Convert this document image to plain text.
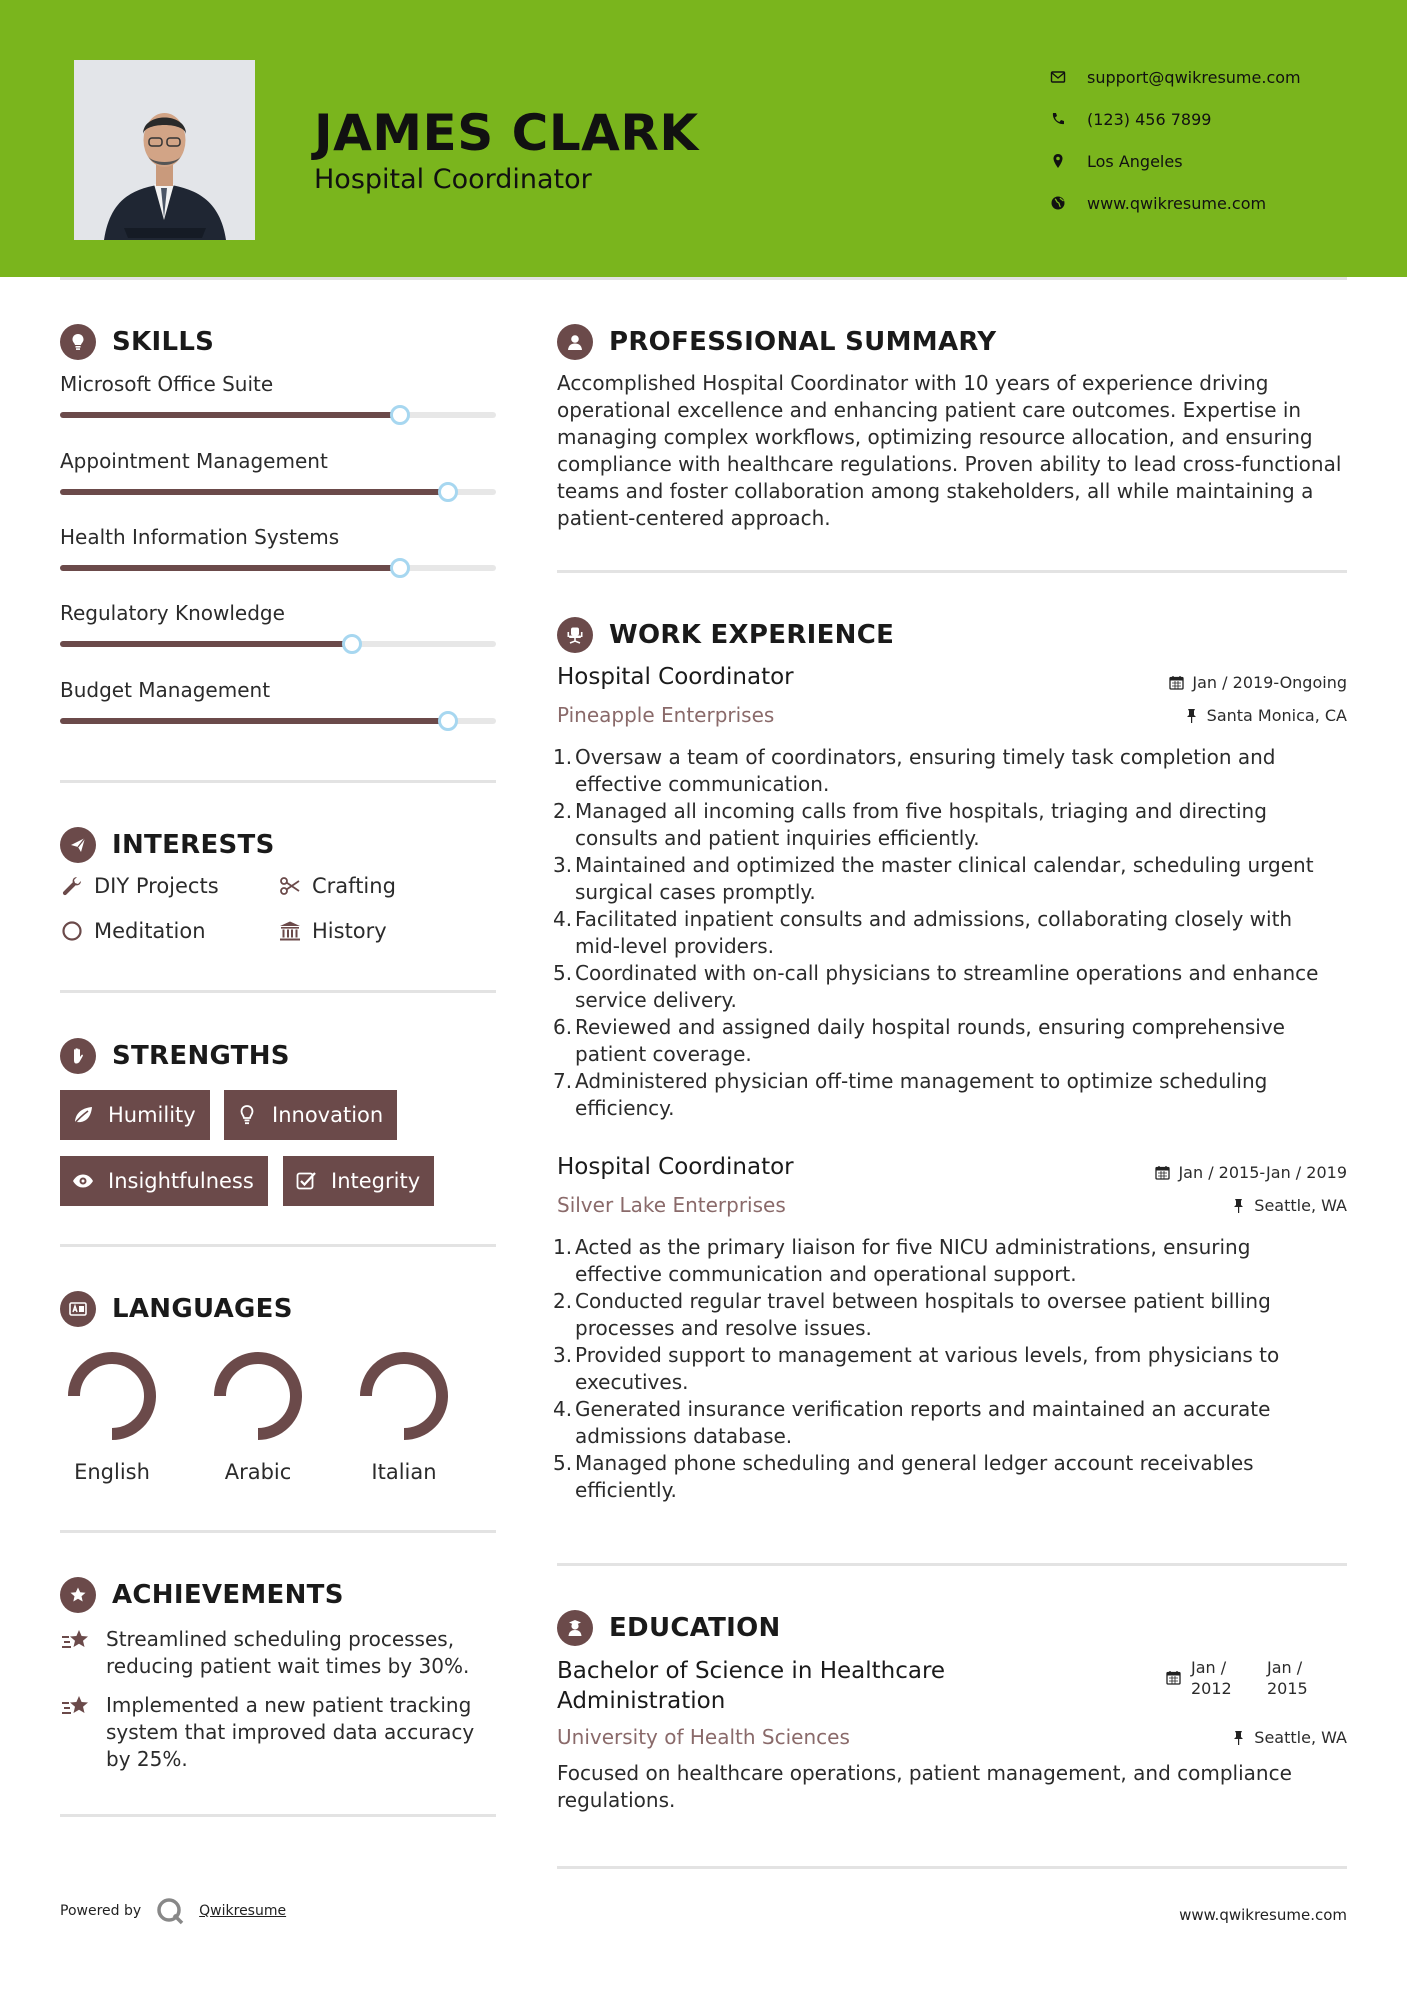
JAMES CLARK
Hospital Coordinator
support@qwikresume.com
(123) 456 7899
Los Angeles
www.qwikresume.com
SKILLS
Microsoft Office Suite
Appointment Management
Health Information Systems
Regulatory Knowledge
Budget Management
INTERESTS
DIY Projects	Crafting
Meditation	History
STRENGTHS
Humility	Innovation
Insightfulness	Integrity
LANGUAGES
English	Arabic	Italian
ACHIEVEMENTS
Streamlined scheduling processes, reducing patient wait times by 30%.
Implemented a new patient tracking system that improved data accuracy by 25%.
PROFESSIONAL SUMMARY
Accomplished Hospital Coordinator with 10 years of experience driving operational excellence and enhancing patient care outcomes. Expertise in managing complex workflows, optimizing resource allocation, and ensuring compliance with healthcare regulations. Proven ability to lead cross-functional teams and foster collaboration among stakeholders, all while maintaining a patient-centered approach.
WORK EXPERIENCE
Hospital Coordinator	Jan / 2019-Ongoing
Pineapple Enterprises	Santa Monica, CA
1. Oversaw a team of coordinators, ensuring timely task completion and effective communication.
2. Managed all incoming calls from five hospitals, triaging and directing consults and patient inquiries efficiently.
3. Maintained and optimized the master clinical calendar, scheduling urgent surgical cases promptly.
4. Facilitated inpatient consults and admissions, collaborating closely with mid-level providers.
5. Coordinated with on-call physicians to streamline operations and enhance service delivery.
6. Reviewed and assigned daily hospital rounds, ensuring comprehensive patient coverage.
7. Administered physician off-time management to optimize scheduling efficiency.
Hospital Coordinator	Jan / 2015-Jan / 2019
Silver Lake Enterprises	Seattle, WA
1. Acted as the primary liaison for five NICU administrations, ensuring effective communication and operational support.
2. Conducted regular travel between hospitals to oversee patient billing processes and resolve issues.
3. Provided support to management at various levels, from physicians to executives.
4. Generated insurance verification reports and maintained an accurate admissions database.
5. Managed phone scheduling and general ledger account receivables efficiently.
EDUCATION
Bachelor of Science in Healthcare Administration
Jan / 2012
Jan / 2015
University of Health Sciences	Seattle, WA
Focused on healthcare operations, patient management, and compliance regulations.
Powered by	Qwikresume	www.qwikresume.com
